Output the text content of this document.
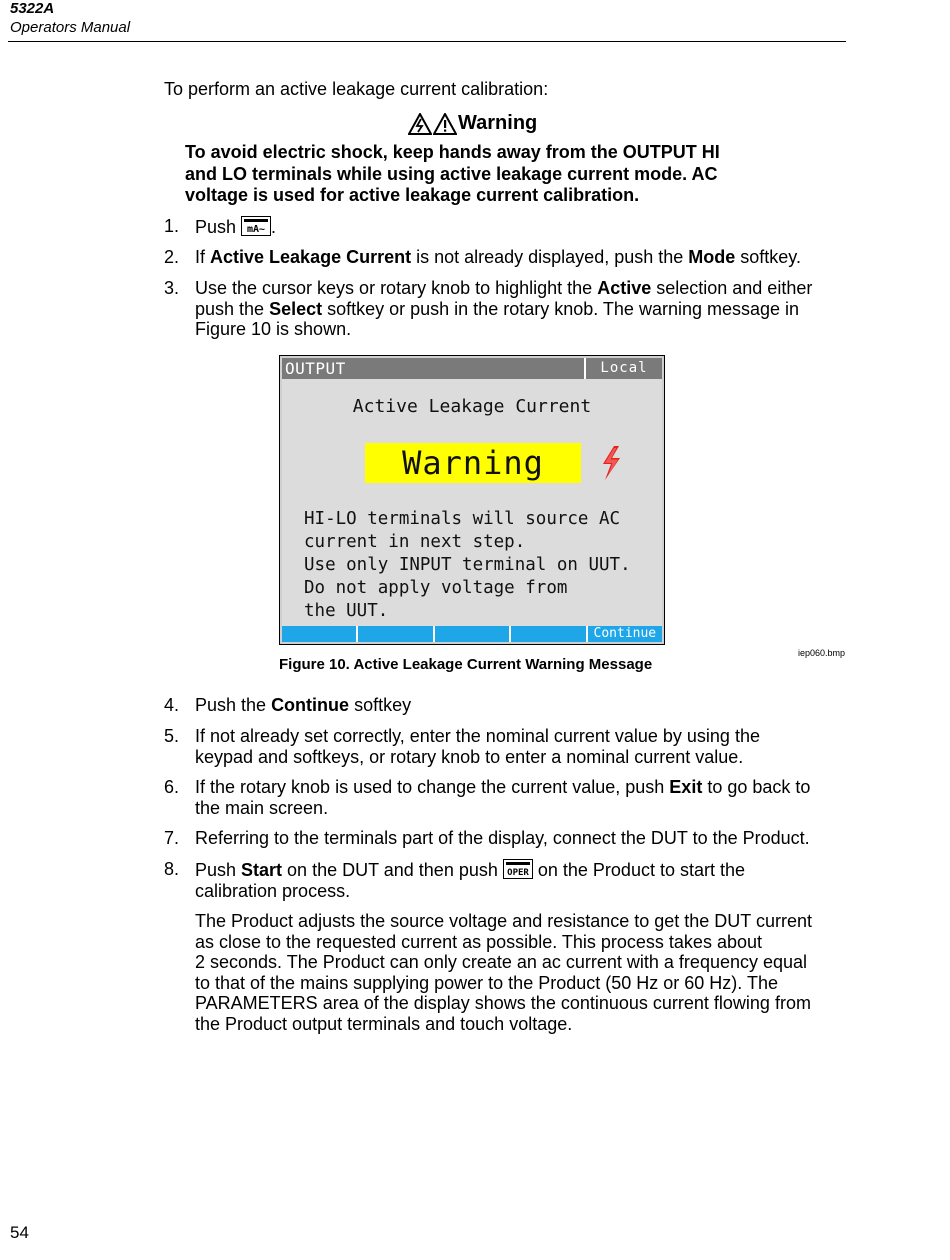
5322A
Operators Manual
To perform an active leakage current calibration:
Warning
To avoid electric shock, keep hands away from the OUTPUT HI
and LO terminals while using active leakage current mode. AC
voltage is used for active leakage current calibration.
1. Push mA~ .
2. If Active Leakage Current is not already displayed, push the Mode softkey.
3. Use the cursor keys or rotary knob to highlight the Active selection and either
push the Select softkey or push in the rotary knob. The warning message in
Figure 10 is shown.
OUTPUT	Local
Active Leakage Current
Warning
HI-LO terminals will source AC
current in next step.
Use only INPUT terminal on UUT.
Do not apply voltage from
the UUT.
Continue
iep060.bmp
Figure 10. Active Leakage Current Warning Message
4. Push the Continue softkey
5. If not already set correctly, enter the nominal current value by using the
keypad and softkeys, or rotary knob to enter a nominal current value.
6. If the rotary knob is used to change the current value, push Exit to go back to
the main screen.
7. Referring to the terminals part of the display, connect the DUT to the Product.
8. Push Start on the DUT and then push OPER on the Product to start the
calibration process.
The Product adjusts the source voltage and resistance to get the DUT current
as close to the requested current as possible. This process takes about
2 seconds. The Product can only create an ac current with a frequency equal
to that of the mains supplying power to the Product (50 Hz or 60 Hz). The
PARAMETERS area of the display shows the continuous current flowing from
the Product output terminals and touch voltage.
54
